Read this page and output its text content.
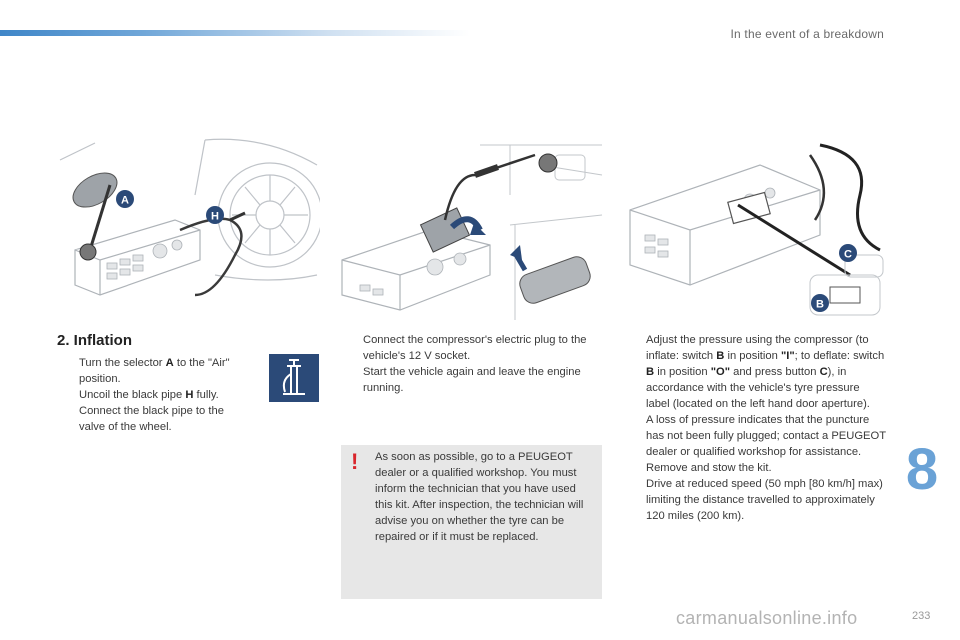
In the event of a breakdown
A
H
C
B
2. Inflation
Turn the selector A to the "Air" position.
Uncoil the black pipe H fully.
Connect the black pipe to the valve of the wheel.
Connect the compressor's electric plug to the vehicle's 12 V socket.
Start the vehicle again and leave the engine running.
! As soon as possible, go to a PEUGEOT dealer or a qualified workshop. You must inform the technician that you have used this kit. After inspection, the technician will advise you on whether the tyre can be repaired or if it must be replaced.
Adjust the pressure using the compressor (to inflate: switch B in position "I"; to deflate: switch B in position "O" and press button C), in accordance with the vehicle's tyre pressure label (located on the left hand door aperture).
A loss of pressure indicates that the puncture has not been fully plugged; contact a PEUGEOT dealer or qualified workshop for assistance.
Remove and stow the kit.
Drive at reduced speed (50 mph [80 km/h] max) limiting the distance travelled to approximately 120 miles (200 km).
8
carmanualsonline.info	233
